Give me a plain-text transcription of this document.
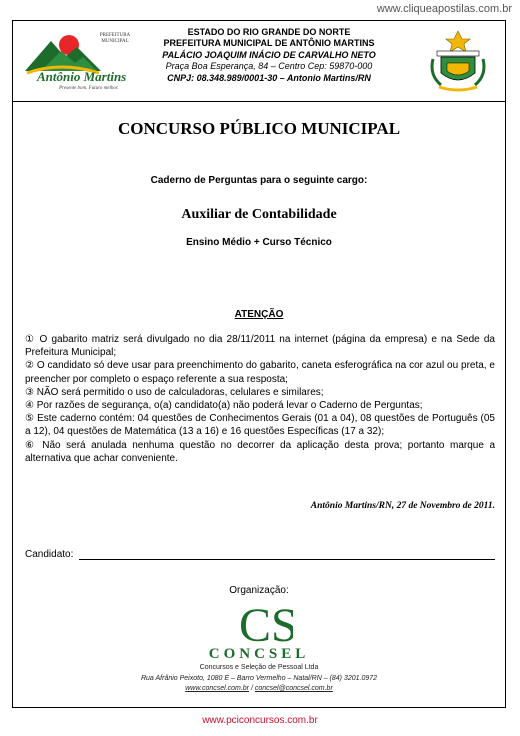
www.cliqueapostilas.com.br
PREFEITURA MUNICIPAL
Antônio Martins
Presente bom. Futuro melhor.
ESTADO DO RIO GRANDE DO NORTE
PREFEITURA MUNICIPAL DE ANTÔNIO MARTINS
PALÁCIO JOAQUIM INÁCIO DE CARVALHO NETO
Praça Boa Esperança, 84 – Centro Cep: 59870-000
CNPJ: 08.348.989/0001-30 – Antonio Martins/RN
CONCURSO PÚBLICO MUNICIPAL
Caderno de Perguntas para o seguinte cargo:
Auxiliar de Contabilidade
Ensino Médio + Curso Técnico
ATENÇÃO

① O gabarito matriz será divulgado no dia 28/11/2011 na internet (página da empresa) e na Sede da Prefeitura Municipal;

② O candidato só deve usar para preenchimento do gabarito, caneta esferográfica na cor azul ou preta, e preencher por completo o espaço referente a sua resposta;

③ NÃO será permitido o uso de calculadoras, celulares e similares;

④ Por razões de segurança, o(a) candidato(a) não poderá levar o Caderno de Perguntas;

⑤ Este caderno contém: 04 questões de Conhecimentos Gerais (01 a 04), 08 questões de Português (05 a 12), 04 questões de Matemática (13 a 16) e 16 questões Específicas (17 a 32);

⑥ Não será anulada nenhuma questão no decorrer da aplicação desta prova; portanto marque a alternativa que achar conveniente.

Antônio Martins/RN, 27 de Novembro de 2011.
Candidato:
Organização:
CS
CONCSEL
Concursos e Seleção de Pessoal Ltda
Rua Afrânio Peixoto, 1080 E – Barro Vermelho – Natal/RN – (84) 3201.0972
www.concsel.com.br / concsel@concsel.com.br
www.pciconcursos.com.br
